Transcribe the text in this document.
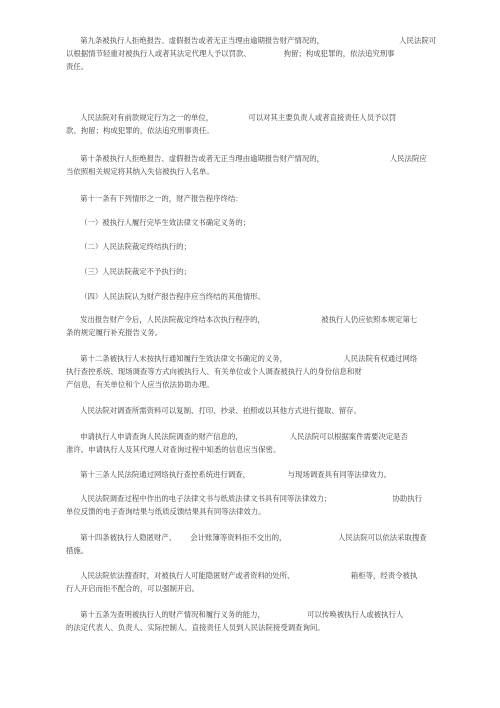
第九条被执行人拒绝报告、虚假报告或者无正当理由逾期报告财产情况的，                                人民法院可
以根据情节轻重对被执行人或者其法定代理人予以罚款、              拘留；构成犯罪的，依法追究刑事
责任。
人民法院对有前款规定行为之一的单位，               可以对其主要负责人或者直接责任人员予以罚
款、拘留；构成犯罪的，依法追究刑事责任。
第十条被执行人拒绝报告、虚假报告或者无正当理由逾期报告财产情况的，                            人民法院应
当依照相关规定将其纳入失信被执行人名单。
第十一条有下列情形之一的，财产报告程序终结：
（一）被执行人履行完毕生效法律文书确定义务的；
（二）人民法院裁定终结执行的；
（三）人民法院裁定不予执行的；
（四）人民法院认为财产报告程序应当终结的其他情形。
发出报告财产令后，人民法院裁定终结本次执行程序的，                        被执行人仍应依照本规定第七
条的规定履行补充报告义务。
第十二条被执行人未按执行通知履行生效法律文书确定的义务，                        人民法院有权通过网络
执行查控系统、现场调查等方式向被执行人、有关单位或个人调查被执行人的身份信息和财
产信息，有关单位和个人应当依法协助办理。
人民法院对调查所需资料可以复制、打印、抄录、拍照或以其他方式进行提取、留存。
申请执行人申请查询人民法院调查的财产信息的，                    人民法院可以根据案件需要决定是否
准许。申请执行人及其代理人对查询过程中知悉的信息应当保密。
第十三条人民法院通过网络执行查控系统进行调查，                与现场调查具有同等法律效力。
人民法院调查过程中作出的电子法律文书与纸质法律文书具有同等法律效力；                          协助执行
单位反馈的电子查询结果与纸质反馈结果具有同等法律效力。
第十四条被执行人隐匿财产、      会计账簿等资料拒不交出的，                      人民法院可以依法采取搜查
措施。
人民法院依法搜查时，对被执行人可能隐匿财产或者资料的处所、                        箱柜等，经责令被执
行人开启而拒不配合的，可以强制开启。
第十五条为查明被执行人的财产情况和履行义务的能力，                  可以传唤被执行人或被执行人
的法定代表人、负责人、实际控制人、直接责任人员到人民法院接受调查询问。
